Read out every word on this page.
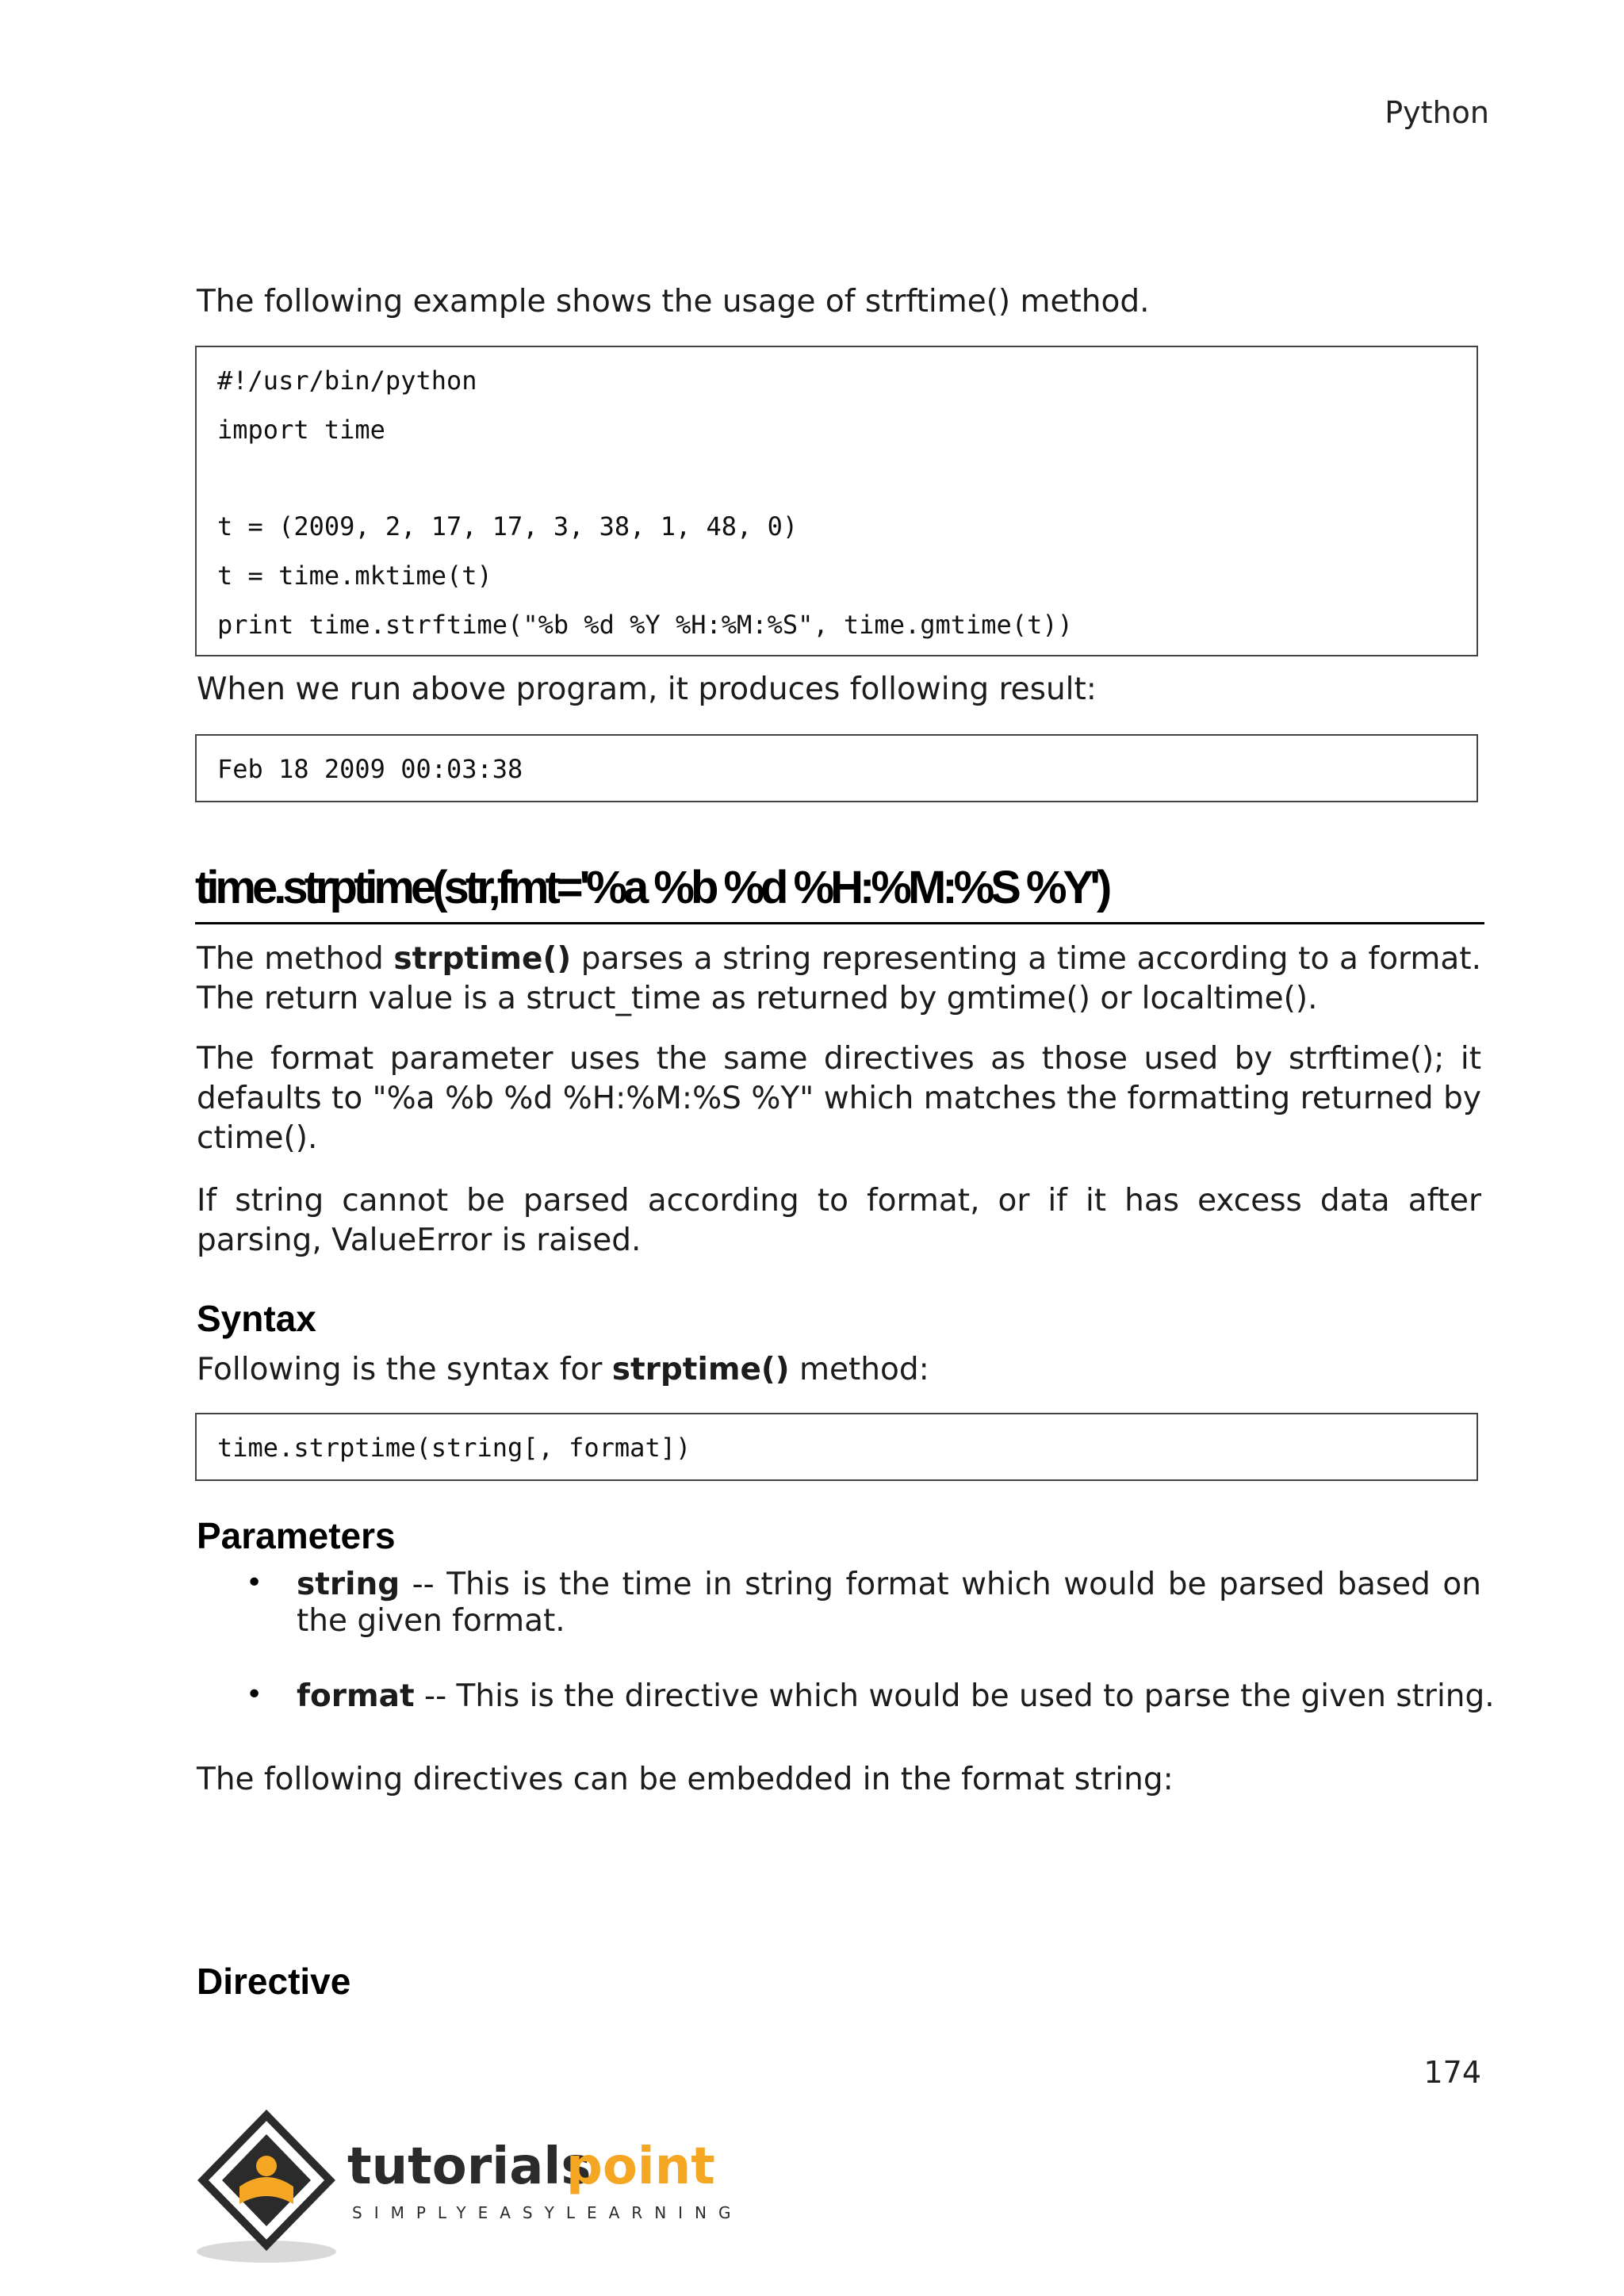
Python
The following example shows the usage of strftime() method.
#!/usr/bin/python
import time
t = (2009, 2, 17, 17, 3, 38, 1, 48, 0)
t = time.mktime(t)
print time.strftime("%b %d %Y %H:%M:%S", time.gmtime(t))
When we run above program, it produces following result:
Feb 18 2009 00:03:38
time.strptime(str,fmt='%a %b %d %H:%M:%S %Y')
The method strptime() parses a string representing a time according to a format. The return value is a struct_time as returned by gmtime() or localtime().
The format parameter uses the same directives as those used by strftime(); it defaults to "%a %b %d %H:%M:%S %Y" which matches the formatting returned by ctime().
If string cannot be parsed according to format, or if it has excess data after parsing, ValueError is raised.
Syntax
Following is the syntax for strptime() method:
time.strptime(string[, format])
Parameters
• string -- This is the time in string format which would be parsed based on the given format.
• format -- This is the directive which would be used to parse the given string.
The following directives can be embedded in the format string:
Directive
174
tutorials
point
SIMPLYEASYLEARNING
